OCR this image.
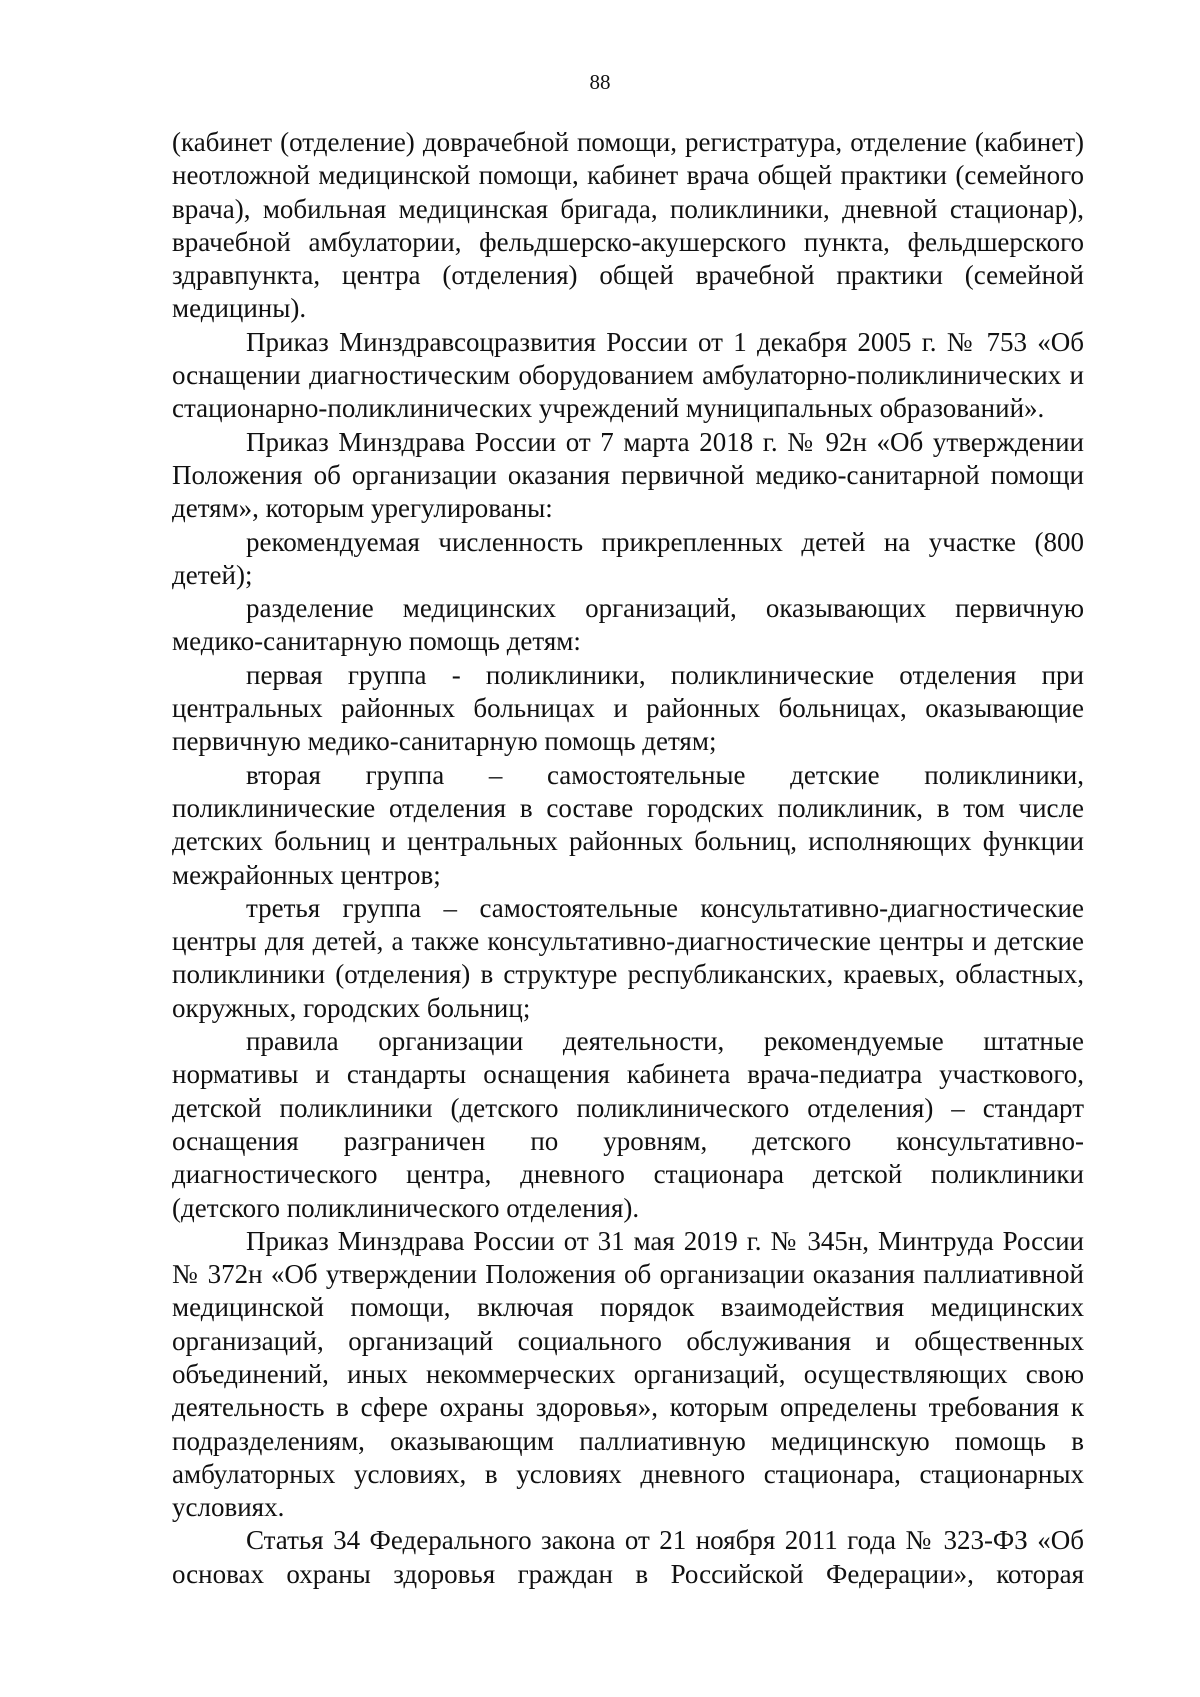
88

(кабинет (отделение) доврачебной помощи, регистратура, отделение (кабинет) неотложной медицинской помощи, кабинет врача общей практики (семейного врача), мобильная медицинская бригада, поликлиники, дневной стационар), врачебной амбулатории, фельдшерско-акушерского пункта, фельдшерского здравпункта, центра (отделения) общей врачебной практики (семейной медицины).

Приказ Минздравсоцразвития России от 1 декабря 2005 г. № 753 «Об оснащении диагностическим оборудованием амбулаторно-поликлинических и стационарно-поликлинических учреждений муниципальных образований».

Приказ Минздрава России от 7 марта 2018 г. № 92н «Об утверждении Положения об организации оказания первичной медико-санитарной помощи детям», которым урегулированы:

рекомендуемая численность прикрепленных детей на участке (800 детей);

разделение медицинских организаций, оказывающих первичную медико-санитарную помощь детям:

первая группа - поликлиники, поликлинические отделения при центральных районных больницах и районных больницах, оказывающие первичную медико-санитарную помощь детям;

вторая группа – самостоятельные детские поликлиники, поликлинические отделения в составе городских поликлиник, в том числе детских больниц и центральных районных больниц, исполняющих функции межрайонных центров;

третья группа – самостоятельные консультативно-диагностические центры для детей, а также консультативно-диагностические центры и детские поликлиники (отделения) в структуре республиканских, краевых, областных, окружных, городских больниц;

правила организации деятельности, рекомендуемые штатные нормативы и стандарты оснащения кабинета врача-педиатра участкового, детской поликлиники (детского поликлинического отделения) – стандарт оснащения разграничен по уровням, детского консультативно-диагностического центра, дневного стационара детской поликлиники (детского поликлинического отделения).

Приказ Минздрава России от 31 мая 2019 г. № 345н, Минтруда России № 372н «Об утверждении Положения об организации оказания паллиативной медицинской помощи, включая порядок взаимодействия медицинских организаций, организаций социального обслуживания и общественных объединений, иных некоммерческих организаций, осуществляющих свою деятельность в сфере охраны здоровья», которым определены требования к подразделениям, оказывающим паллиативную медицинскую помощь в амбулаторных условиях, в условиях дневного стационара, стационарных условиях.

Статья 34 Федерального закона от 21 ноября 2011 года № 323-ФЗ «Об основах охраны здоровья граждан в Российской Федерации», которая
